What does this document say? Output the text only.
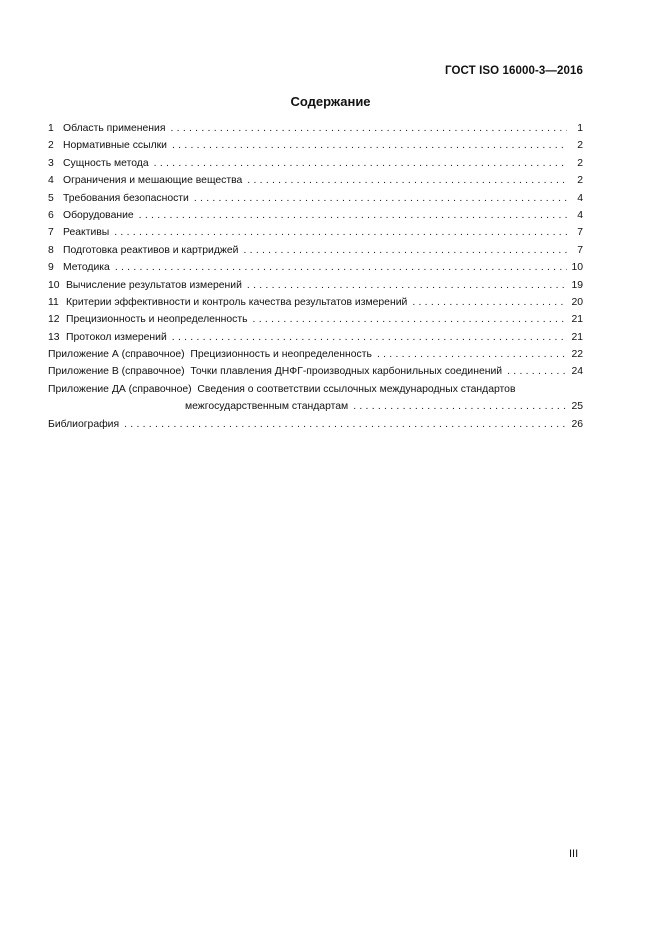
ГОСТ ISO 16000-3—2016
Содержание
1 Область применения . . .	1
2 Нормативные ссылки . . .	2
3 Сущность метода . . .	2
4 Ограничения и мешающие вещества . . .	2
5 Требования безопасности . . .	4
6 Оборудование . . .	4
7 Реактивы . . .	7
8 Подготовка реактивов и картриджей . . .	7
9 Методика . . .	10
10 Вычисление результатов измерений . . .	19
11 Критерии эффективности и контроль качества результатов измерений . . .	20
12 Прецизионность и неопределенность . . .	21
13 Протокол измерений . . .	21
Приложение А (справочное)  Прецизионность и неопределенность . . .	22
Приложение В (справочное)  Точки плавления ДНФГ-производных карбонильных соединений . . .	24
Приложение ДА (справочное)  Сведения о соответствии ссылочных международных стандартов
межгосударственным стандартам . . .	25
Библиография . . .	26
III
